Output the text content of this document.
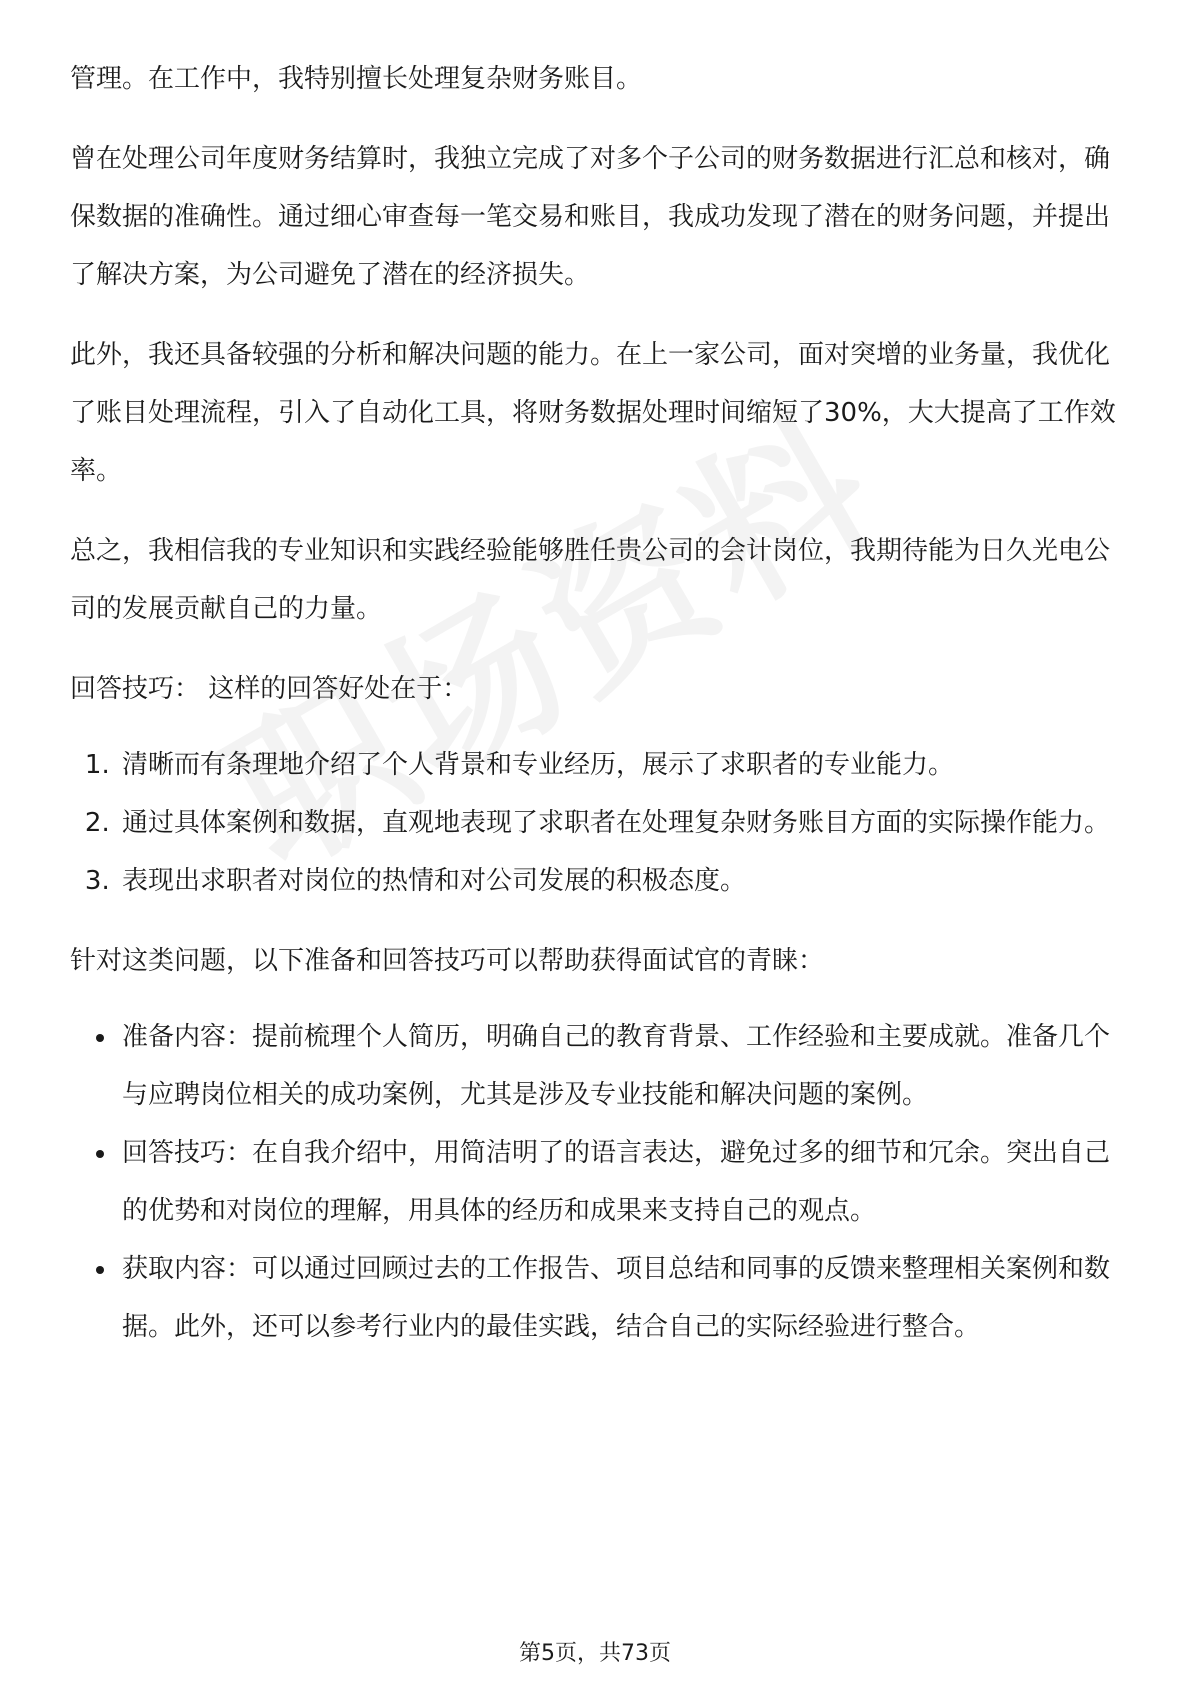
管理。在工作中，我特别擅长处理复杂财务账目。

曾在处理公司年度财务结算时，我独立完成了对多个子公司的财务数据进行汇总和核对，确保数据的准确性。通过细心审查每一笔交易和账目，我成功发现了潜在的财务问题，并提出了解决方案，为公司避免了潜在的经济损失。

此外，我还具备较强的分析和解决问题的能力。在上一家公司，面对突增的业务量，我优化了账目处理流程，引入了自动化工具，将财务数据处理时间缩短了30%，大大提高了工作效率。

总之，我相信我的专业知识和实践经验能够胜任贵公司的会计岗位，我期待能为日久光电公司的发展贡献自己的力量。

回答技巧： 这样的回答好处在于：

1. 清晰而有条理地介绍了个人背景和专业经历，展示了求职者的专业能力。
2. 通过具体案例和数据，直观地表现了求职者在处理复杂财务账目方面的实际操作能力。
3. 表现出求职者对岗位的热情和对公司发展的积极态度。

针对这类问题，以下准备和回答技巧可以帮助获得面试官的青睐：

• 准备内容：提前梳理个人简历，明确自己的教育背景、工作经验和主要成就。准备几个与应聘岗位相关的成功案例，尤其是涉及专业技能和解决问题的案例。
• 回答技巧：在自我介绍中，用简洁明了的语言表达，避免过多的细节和冗余。突出自己的优势和对岗位的理解，用具体的经历和成果来支持自己的观点。
• 获取内容：可以通过回顾过去的工作报告、项目总结和同事的反馈来整理相关案例和数据。此外，还可以参考行业内的最佳实践，结合自己的实际经验进行整合。
第5页，共73页
